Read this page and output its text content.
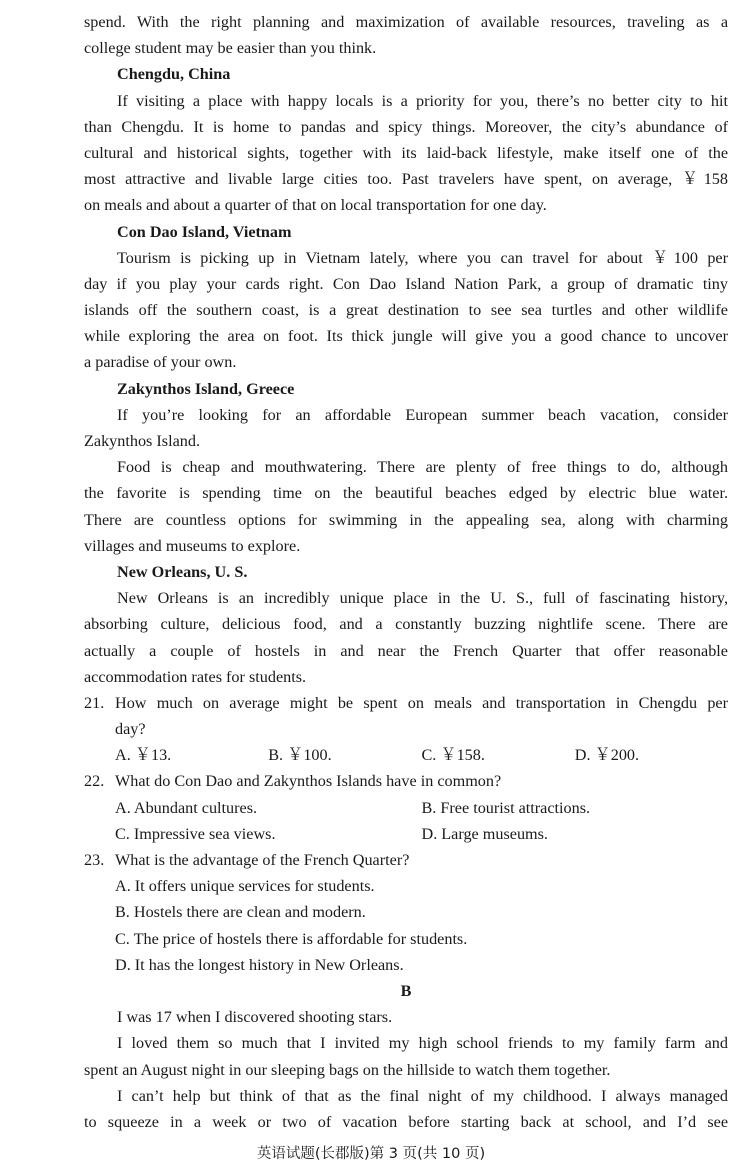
spend. With the right planning and maximization of available resources, traveling as a
college student may be easier than you think.
Chengdu, China
If visiting a place with happy locals is a priority for you, there’s no better city to hit
than Chengdu. It is home to pandas and spicy things. Moreover, the city’s abundance of
cultural and historical sights, together with its laid-back lifestyle, make itself one of the
most attractive and livable large cities too. Past travelers have spent, on average, ￥158
on meals and about a quarter of that on local transportation for one day.
Con Dao Island, Vietnam
Tourism is picking up in Vietnam lately, where you can travel for about ￥100 per
day if you play your cards right. Con Dao Island Nation Park, a group of dramatic tiny
islands off the southern coast, is a great destination to see sea turtles and other wildlife
while exploring the area on foot. Its thick jungle will give you a good chance to uncover
a paradise of your own.
Zakynthos Island, Greece
If you’re looking for an affordable European summer beach vacation, consider
Zakynthos Island.
Food is cheap and mouthwatering. There are plenty of free things to do, although
the favorite is spending time on the beautiful beaches edged by electric blue water.
There are countless options for swimming in the appealing sea, along with charming
villages and museums to explore.
New Orleans, U. S.
New Orleans is an incredibly unique place in the U. S., full of fascinating history,
absorbing culture, delicious food, and a constantly buzzing nightlife scene. There are
actually a couple of hostels in and near the French Quarter that offer reasonable
accommodation rates for students.
21. How much on average might be spent on meals and transportation in Chengdu per
day?
A. ￥13.	B. ￥100.	C. ￥158.	D. ￥200.
22. What do Con Dao and Zakynthos Islands have in common?
A. Abundant cultures.	B. Free tourist attractions.
C. Impressive sea views.	D. Large museums.
23. What is the advantage of the French Quarter?
A. It offers unique services for students.
B. Hostels there are clean and modern.
C. The price of hostels there is affordable for students.
D. It has the longest history in New Orleans.
B
I was 17 when I discovered shooting stars.
I loved them so much that I invited my high school friends to my family farm and
spent an August night in our sleeping bags on the hillside to watch them together.
I can’t help but think of that as the final night of my childhood. I always managed
to squeeze in a week or two of vacation before starting back at school, and I’d see
英语试题(长郡版)第 3 页(共 10 页)
